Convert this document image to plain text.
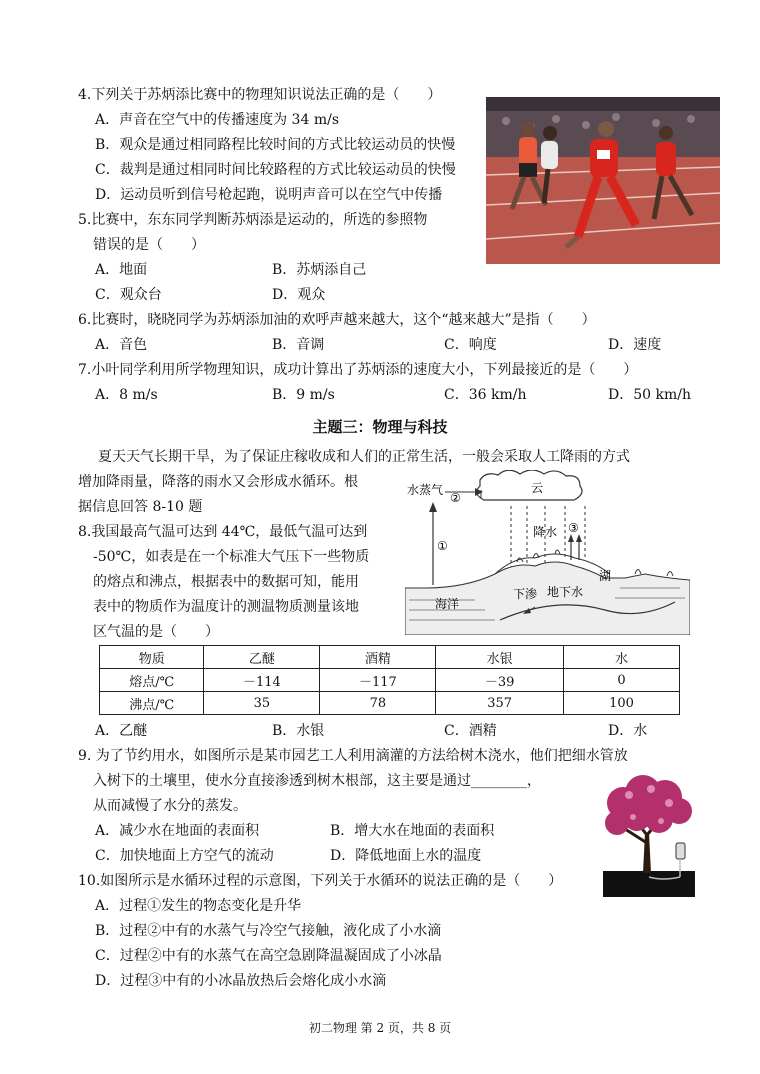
4.下列关于苏炳添比赛中的物理知识说法正确的是（　　）
A．声音在空气中的传播速度为 34 m/s
B．观众是通过相同路程比较时间的方式比较运动员的快慢
C．裁判是通过相同时间比较路程的方式比较运动员的快慢
D．运动员听到信号枪起跑，说明声音可以在空气中传播
5.比赛中，东东同学判断苏炳添是运动的，所选的参照物
错误的是（　　）
A．地面	B．苏炳添自己
C．观众台	D．观众
6.比赛时，晓晓同学为苏炳添加油的欢呼声越来越大，这个“越来越大”是指（　　）
A．音色	B．音调	C．响度	D．速度
7.小叶同学利用所学物理知识，成功计算出了苏炳添的速度大小，下列最接近的是（　　）
A．8 m/s	B．9 m/s	C．36 km/h	D．50 km/h
主题三：物理与科技
夏天天气长期干旱，为了保证庄稼收成和人们的正常生活，一般会采取人工降雨的方式
增加降雨量，降落的雨水又会形成水循环。根
据信息回答 8-10 题
水蒸气
②
云
降水 ③
①
湖
海洋
下渗 地下水
8.我国最高气温可达到 44℃，最低气温可达到
-50℃，如表是在一个标准大气压下一些物质
的熔点和沸点，根据表中的数据可知，能用
表中的物质作为温度计的测温物质测量该地
区气温的是（　　）
物质	乙醚	酒精	水银	水
熔点/℃	－114	－117	－39	0
沸点/℃	35	78	357	100
A．乙醚	B．水银	C．酒精	D．水
9. 为了节约用水，如图所示是某市园艺工人利用滴灌的方法给树木浇水，他们把细水管放
入树下的土壤里，使水分直接渗透到树木根部，这主要是通过________，
从而减慢了水分的蒸发。
A．减少水在地面的表面积	B．增大水在地面的表面积
C．加快地面上方空气的流动	D．降低地面上水的温度
10.如图所示是水循环过程的示意图，下列关于水循环的说法正确的是（　　）
A．过程①发生的物态变化是升华
B．过程②中有的水蒸气与冷空气接触，液化成了小水滴
C．过程②中有的水蒸气在高空急剧降温凝固成了小冰晶
D．过程③中有的小冰晶放热后会熔化成小水滴
初二物理 第 2 页，共 8 页
